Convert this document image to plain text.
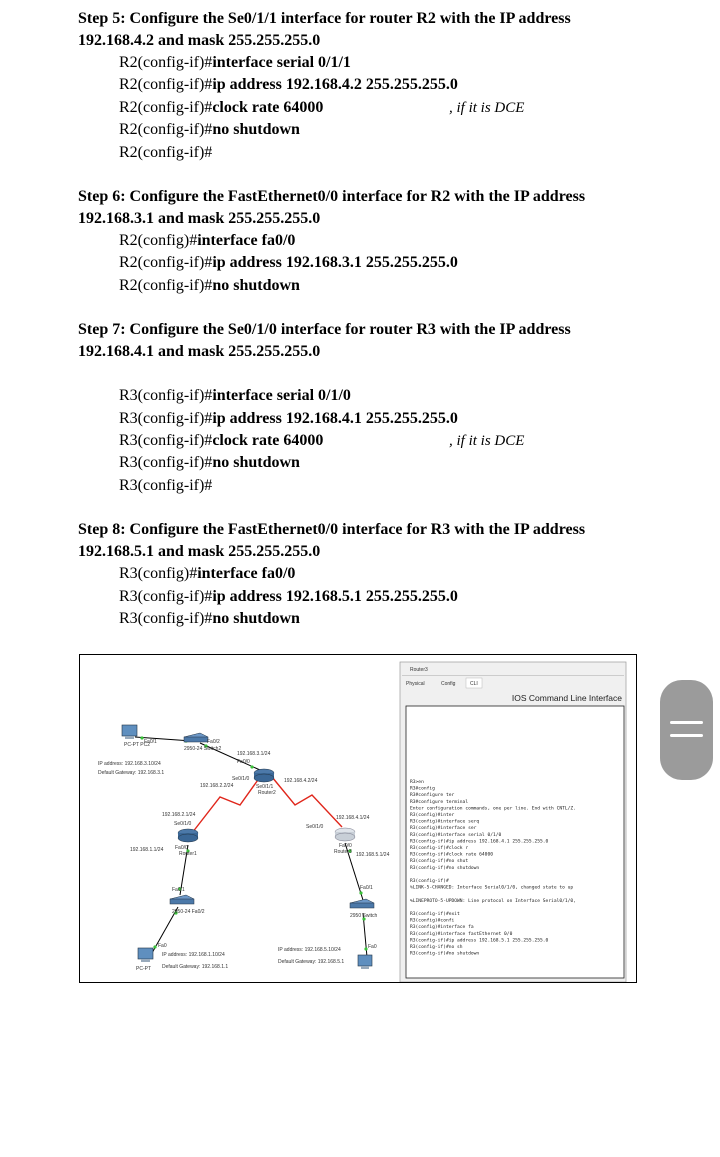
Step 5: Configure the Se0/1/1 interface for router R2 with the IP address 192.168.4.2 and mask 255.255.255.0

R2(config-if)#interface serial 0/1/1
R2(config-if)#ip address 192.168.4.2 255.255.255.0
R2(config-if)#clock rate 64000	, if it is DCE
R2(config-if)#no shutdown
R2(config-if)#

Step 6: Configure the FastEthernet0/0 interface for R2 with the IP address 192.168.3.1 and mask 255.255.255.0

R2(config)#interface fa0/0
R2(config-if)#ip address 192.168.3.1 255.255.255.0
R2(config-if)#no shutdown

Step 7: Configure the Se0/1/0 interface for router R3 with the IP address 192.168.4.1 and mask 255.255.255.0

R3(config-if)#interface serial 0/1/0
R3(config-if)#ip address 192.168.4.1 255.255.255.0
R3(config-if)#clock rate 64000	, if it is DCE
R3(config-if)#no shutdown
R3(config-if)#

Step 8: Configure the FastEthernet0/0 interface for R3 with the IP address 192.168.5.1 and mask 255.255.255.0

R3(config)#interface fa0/0
R3(config-if)#ip address 192.168.5.1 255.255.255.0
R3(config-if)#no shutdown
PC-PT PC2
Fa0/1
IP address: 192.168.3.10/24
Default Gateway: 192.168.3.1
2950-24 Switch2
Fa0/2
192.168.3.1/24
Fa0/0
Se0/1/0
Se0/1/1
Router2
192.168.4.2/24
192.168.2.2/24
192.168.2.1/24
Se0/1/0
Fa0/0
192.168.1.1/24
Router1
192.168.4.1/24
Se0/1/0
Fa0/0
192.168.5.1/24
Router3
Fa0/1
2950-24 Fa0/2
Fa0/1
2950 Switch
Fa0
PC-PT
IP address: 192.168.1.10/24
Default Gateway: 192.168.1.1
Fa0
IP address: 192.168.5.10/24
Default Gateway: 192.168.5.1
Router3
Physical	Config	CLI
IOS Command Line Interface
R3>en
R3#config
R3#configure ter
R3#configure terminal
Enter configuration commands, one per line. End with CNTL/Z.
R3(config)#inter
R3(config)#interface serq
R3(config)#interface ser
R3(config)#interface serial 0/1/0
R3(config-if)#ip address 192.168.4.1 255.255.255.0
R3(config-if)#clock r
R3(config-if)#clock rate 64000
R3(config-if)#no shut
R3(config-if)#no shutdown
R3(config-if)#
%LINK-5-CHANGED: Interface Serial0/1/0, changed state to up
%LINEPROTO-5-UPDOWN: Line protocol on Interface Serial0/1/0,
R3(config-if)#exit
R3(config)#confi
R3(config)#interface fa
R3(config)#interface fastEthernet 0/0
R3(config-if)#ip address 192.168.5.1 255.255.255.0
R3(config-if)#no sh
R3(config-if)#no shutdown
